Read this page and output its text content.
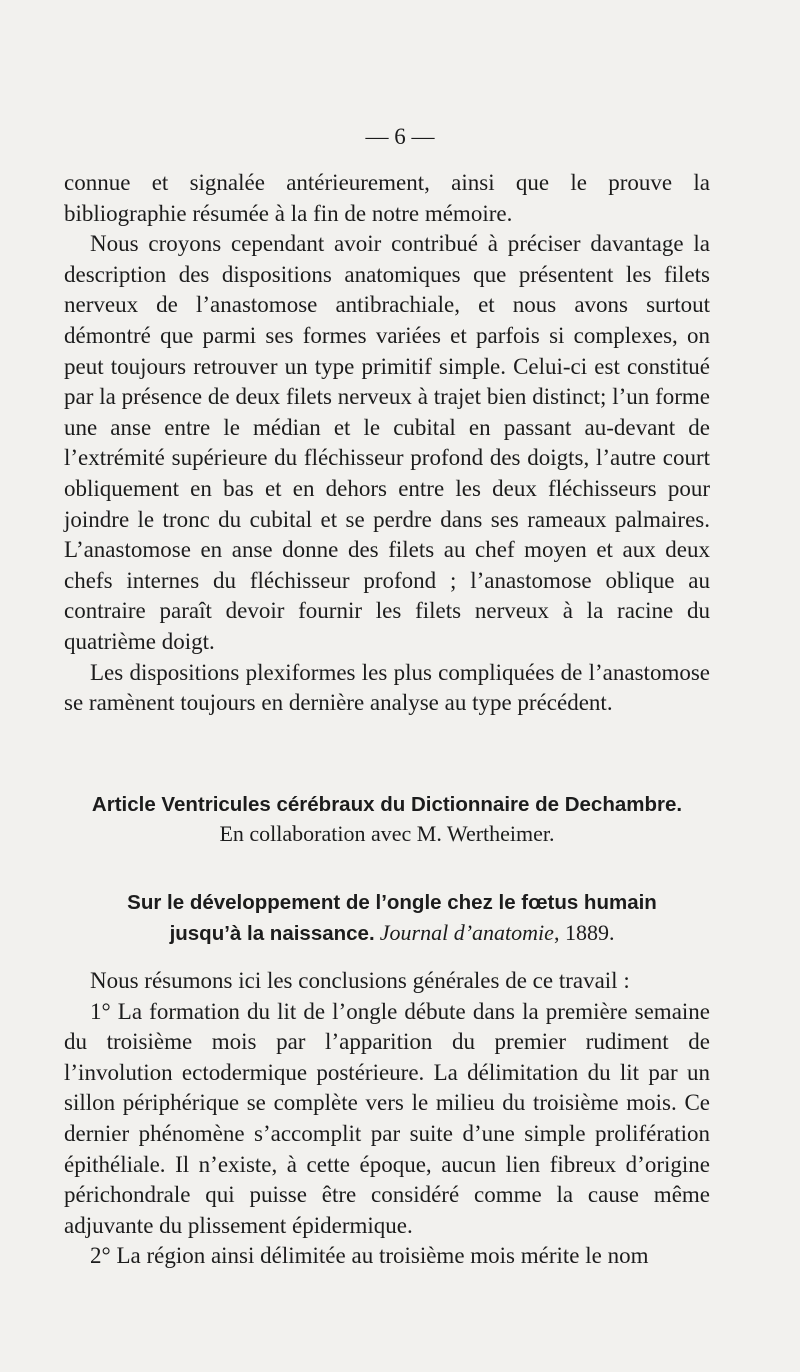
— 6 —

connue et signalée antérieurement, ainsi que le prouve la bibliographie résumée à la fin de notre mémoire.

Nous croyons cependant avoir contribué à préciser davantage la description des dispositions anatomiques que présentent les filets nerveux de l’anastomose antibrachiale, et nous avons surtout démontré que parmi ses formes variées et parfois si complexes, on peut toujours retrouver un type primitif simple. Celui-ci est constitué par la présence de deux filets nerveux à trajet bien distinct; l’un forme une anse entre le médian et le cubital en passant au-devant de l’extrémité supérieure du fléchisseur profond des doigts, l’autre court obliquement en bas et en dehors entre les deux fléchisseurs pour joindre le tronc du cubital et se perdre dans ses rameaux palmaires. L’anastomose en anse donne des filets au chef moyen et aux deux chefs internes du fléchisseur profond ; l’anastomose oblique au contraire paraît devoir fournir les filets nerveux à la racine du quatrième doigt.

Les dispositions plexiformes les plus compliquées de l’anastomose se ramènent toujours en dernière analyse au type précédent.

Article Ventricules cérébraux du Dictionnaire de Dechambre.
En collaboration avec M. Wertheimer.
Sur le développement de l’ongle chez le fœtus humain
jusqu’à la naissance. Journal d’anatomie, 1889.

Nous résumons ici les conclusions générales de ce travail :

1° La formation du lit de l’ongle débute dans la première semaine du troisième mois par l’apparition du premier rudiment de l’involution ectodermique postérieure. La délimitation du lit par un sillon périphérique se complète vers le milieu du troisième mois. Ce dernier phénomène s’accomplit par suite d’une simple prolifération épithéliale. Il n’existe, à cette époque, aucun lien fibreux d’origine périchondrale qui puisse être considéré comme la cause même adjuvante du plissement épidermique.

2° La région ainsi délimitée au troisième mois mérite le nom
